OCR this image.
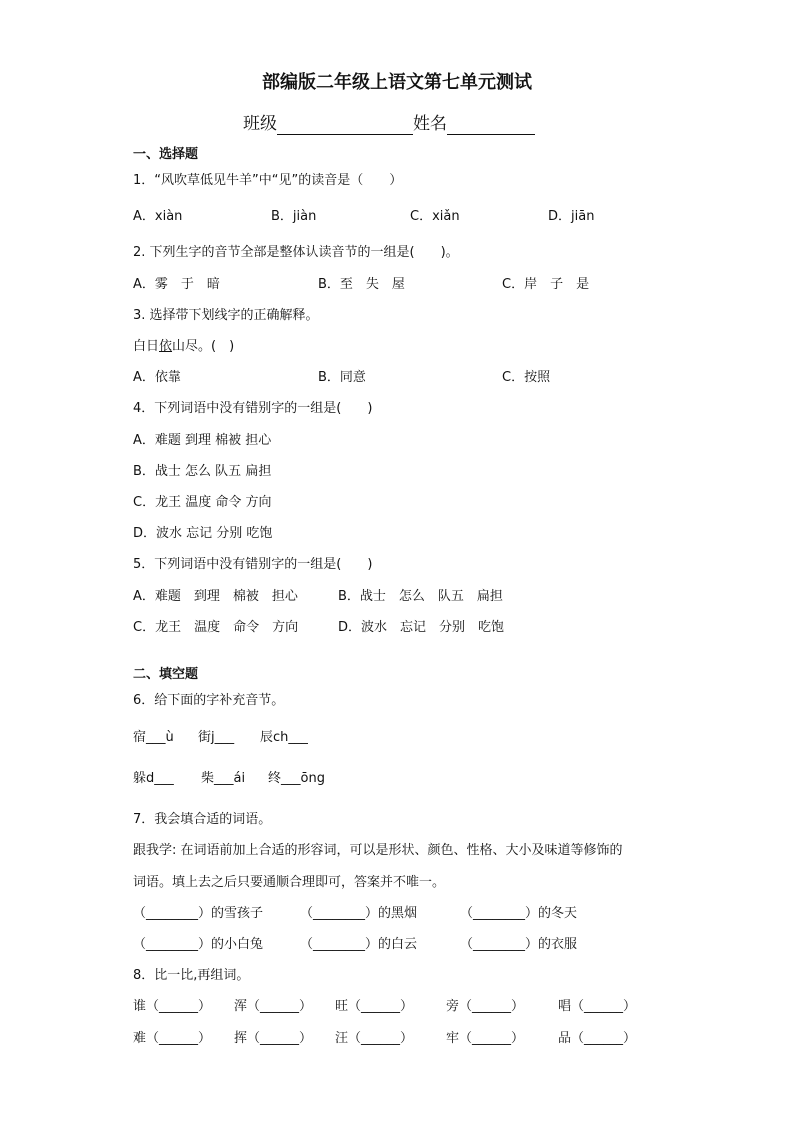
部编版二年级上语文第七单元测试
班级	姓名
一、选择题
1．“风吹草低见牛羊”中“见”的读音是（　　）
A．xiàn	B．jiàn	C．xiǎn	D．jiān
2. 下列生字的音节全部是整体认读音节的一组是(　　)。
A．雾　于　暗	B．至　失　屋	C．岸　子　是
3. 选择带下划线字的正确解释。
白日依山尽。(　)
A．依靠	B．同意	C．按照
4．下列词语中没有错别字的一组是(　　)
A．难题 到理 棉被 担心
B．战士 怎么 队五 扁担
C．龙王 温度 命令 方向
D．波水 忘记 分别 吃饱
5．下列词语中没有错别字的一组是(　　)
A．难题　到理　棉被　担心	B．战士　怎么　队五　扁担
C．龙王　温度　命令　方向	D．波水　忘记　分别　吃饱
二、填空题
6．给下面的字补充音节。
宿___ù 街j___ 辰ch___
躲d___ 柴___ái 终___ōng
7．我会填合适的词语。
跟我学: 在词语前加上合适的形容词，可以是形状、颜色、性格、大小及味道等修饰的
词语。填上去之后只要通顺合理即可，答案并不唯一。
（________）的雪孩子	（________）的黑烟	（________）的冬天
（________）的小白兔	（________）的白云	（________）的衣服
8．比一比,再组词。
谁（______） 浑（______） 旺（______）	旁（______）	唱（______）
难（______） 挥（______） 汪（______）	牢（______）	品（______）
